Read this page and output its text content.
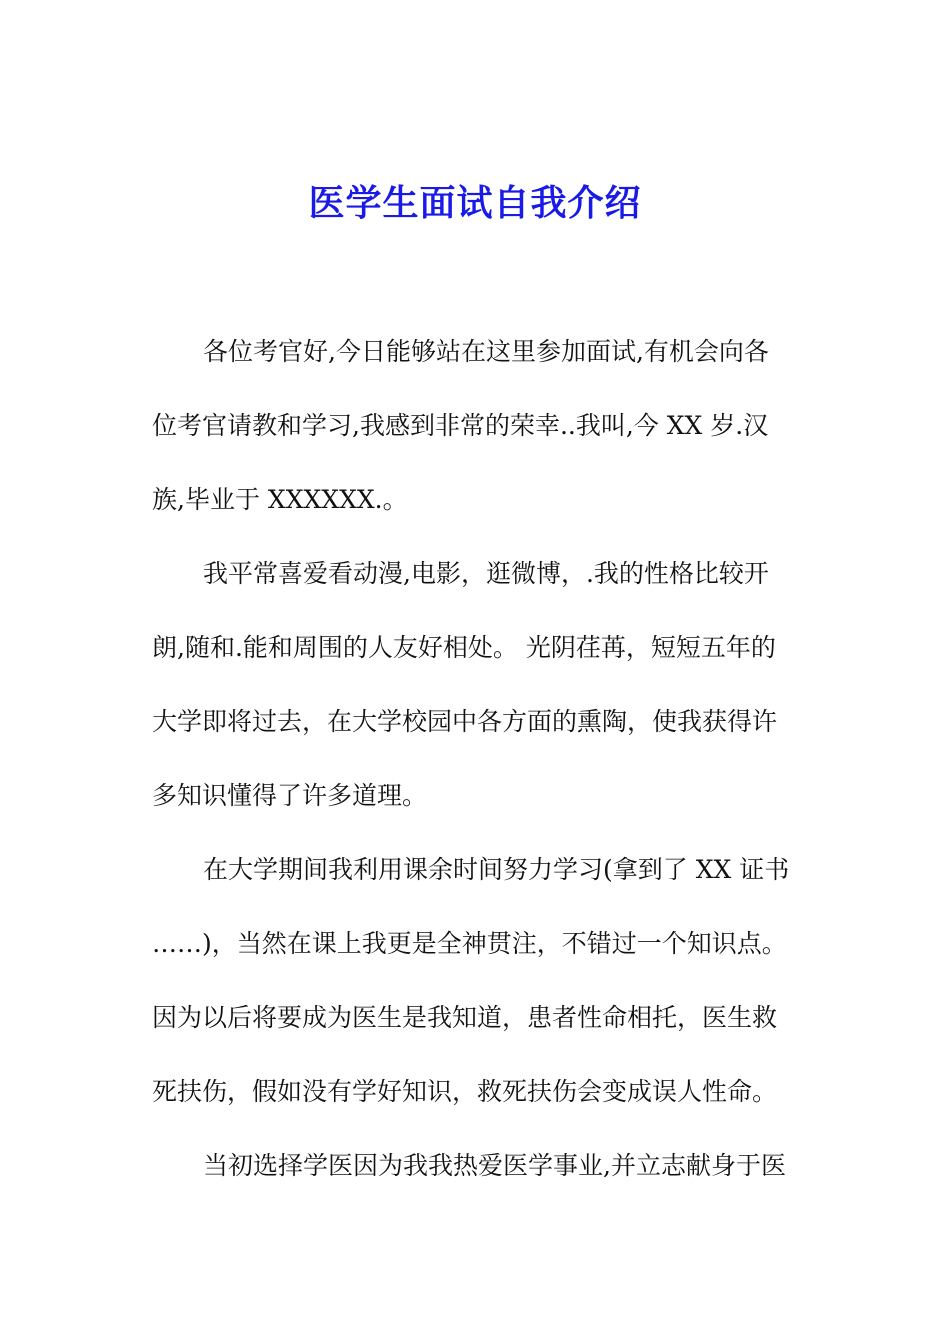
医学生面试自我介绍

各位考官好,今日能够站在这里参加面试,有机会向各

位考官请教和学习,我感到非常的荣幸..我叫,今 XX 岁.汉

族,毕业于 XXXXXX.。

我平常喜爱看动漫,电影，逛微博，.我的性格比较开

朗,随和.能和周围的人友好相处。 光阴荏苒，短短五年的

大学即将过去，在大学校园中各方面的熏陶，使我获得许

多知识懂得了许多道理。

在大学期间我利用课余时间努力学习(拿到了 XX 证书

……)，当然在课上我更是全神贯注，不错过一个知识点。

因为以后将要成为医生是我知道，患者性命相托，医生救

死扶伤，假如没有学好知识，救死扶伤会变成误人性命。

当初选择学医因为我我热爱医学事业,并立志献身于医
